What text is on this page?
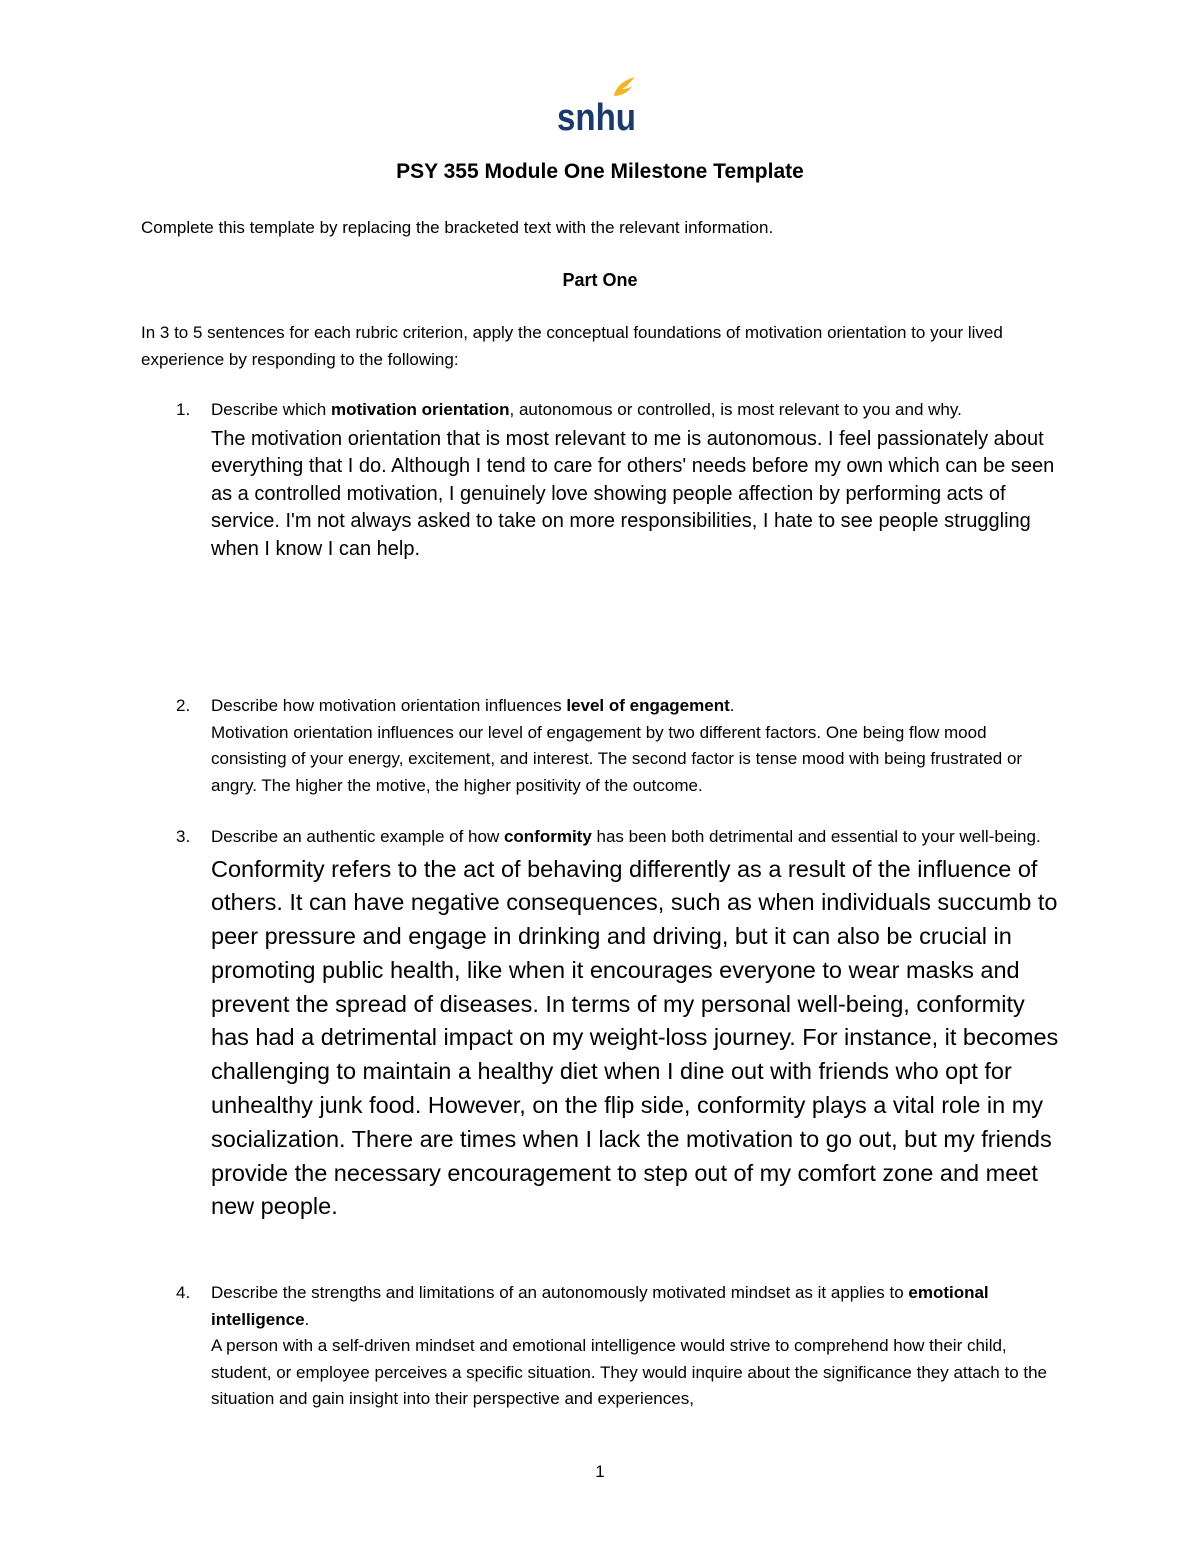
snhu
PSY 355 Module One Milestone Template
Complete this template by replacing the bracketed text with the relevant information.
Part One
In 3 to 5 sentences for each rubric criterion, apply the conceptual foundations of motivation orientation to your lived experience by responding to the following:
1. Describe which motivation orientation, autonomous or controlled, is most relevant to you and why.
The motivation orientation that is most relevant to me is autonomous. I feel passionately about everything that I do. Although I tend to care for others' needs before my own which can be seen as a controlled motivation, I genuinely love showing people affection by performing acts of service. I'm not always asked to take on more responsibilities, I hate to see people struggling when I know I can help.
2. Describe how motivation orientation influences level of engagement.
Motivation orientation influences our level of engagement by two different factors. One being flow mood consisting of your energy, excitement, and interest. The second factor is tense mood with being frustrated or angry. The higher the motive, the higher positivity of the outcome.
3. Describe an authentic example of how conformity has been both detrimental and essential to your well-being.
Conformity refers to the act of behaving differently as a result of the influence of others. It can have negative consequences, such as when individuals succumb to peer pressure and engage in drinking and driving, but it can also be crucial in promoting public health, like when it encourages everyone to wear masks and prevent the spread of diseases. In terms of my personal well-being, conformity has had a detrimental impact on my weight-loss journey. For instance, it becomes challenging to maintain a healthy diet when I dine out with friends who opt for unhealthy junk food. However, on the flip side, conformity plays a vital role in my socialization. There are times when I lack the motivation to go out, but my friends provide the necessary encouragement to step out of my comfort zone and meet new people.
4. Describe the strengths and limitations of an autonomously motivated mindset as it applies to emotional intelligence.
A person with a self-driven mindset and emotional intelligence would strive to comprehend how their child, student, or employee perceives a specific situation. They would inquire about the significance they attach to the situation and gain insight into their perspective and experiences,
1
